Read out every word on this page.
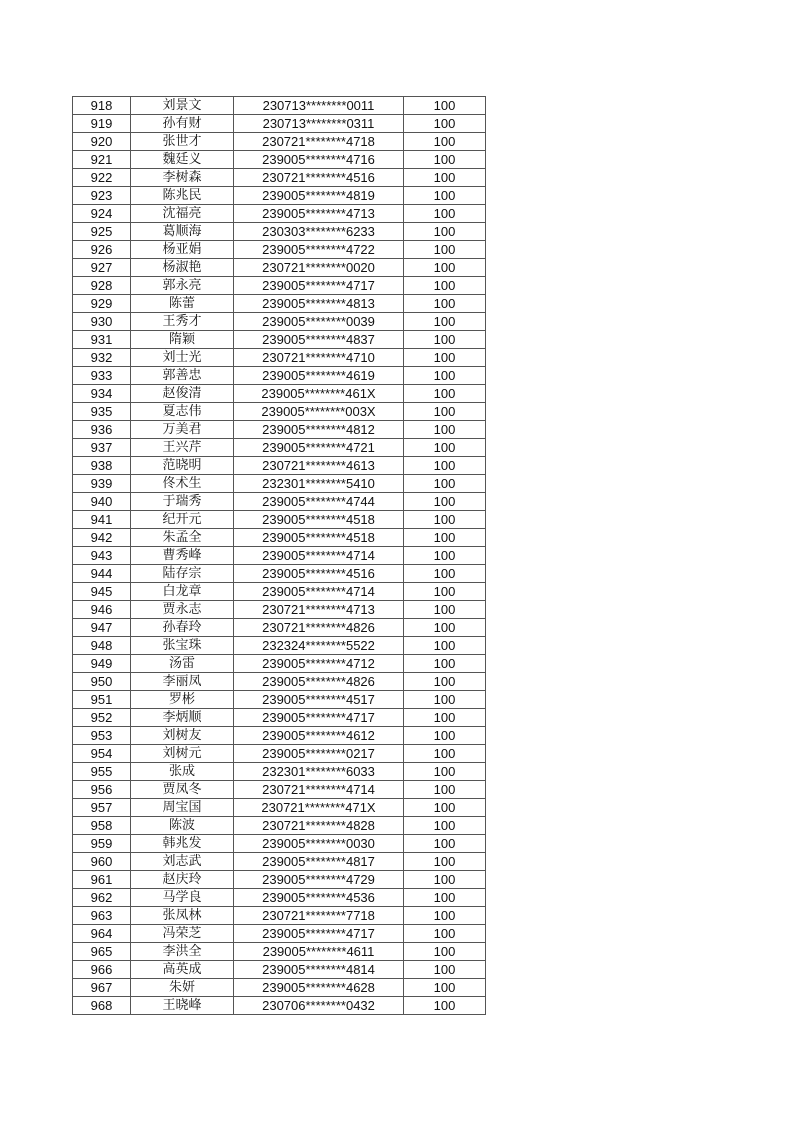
918	刘景文	230713********0011	100
919	孙有财	230713********0311	100
920	张世才	230721********4718	100
921	魏廷义	239005********4716	100
922	李树森	230721********4516	100
923	陈兆民	239005********4819	100
924	沈福亮	239005********4713	100
925	葛顺海	230303********6233	100
926	杨亚娟	239005********4722	100
927	杨淑艳	230721********0020	100
928	郭永亮	239005********4717	100
929	陈蕾	239005********4813	100
930	王秀才	239005********0039	100
931	隋颖	239005********4837	100
932	刘士光	230721********4710	100
933	郭善忠	239005********4619	100
934	赵俊清	239005********461X	100
935	夏志伟	239005********003X	100
936	万美君	239005********4812	100
937	王兴芹	239005********4721	100
938	范晓明	230721********4613	100
939	佟术生	232301********5410	100
940	于瑞秀	239005********4744	100
941	纪开元	239005********4518	100
942	朱孟全	239005********4518	100
943	曹秀峰	239005********4714	100
944	陆存宗	239005********4516	100
945	白龙章	239005********4714	100
946	贾永志	230721********4713	100
947	孙春玲	230721********4826	100
948	张宝珠	232324********5522	100
949	汤雷	239005********4712	100
950	李丽凤	239005********4826	100
951	罗彬	239005********4517	100
952	李炳顺	239005********4717	100
953	刘树友	239005********4612	100
954	刘树元	239005********0217	100
955	张成	232301********6033	100
956	贾凤冬	230721********4714	100
957	周宝国	230721********471X	100
958	陈波	230721********4828	100
959	韩兆发	239005********0030	100
960	刘志武	239005********4817	100
961	赵庆玲	239005********4729	100
962	马学良	239005********4536	100
963	张凤林	230721********7718	100
964	冯荣芝	239005********4717	100
965	李洪全	239005********4611	100
966	高英成	239005********4814	100
967	朱妍	239005********4628	100
968	王晓峰	230706********0432	100
